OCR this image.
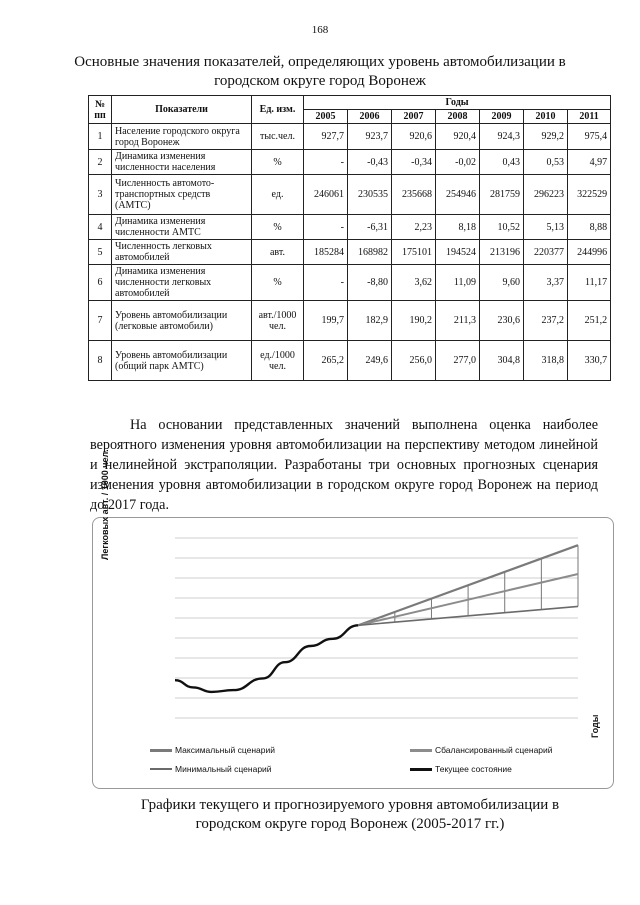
168
Основные значения показателей, определяющих уровень автомобилизации в городском округе город Воронеж
№ пп	Показатели	Ед. изм.	Годы						
			2005	2006	2007	2008	2009	2010	2011
1	Население городского округа город Воронеж	тыс.чел.	927,7	923,7	920,6	920,4	924,3	929,2	975,4
2	Динамика изменения численности населения	%	-	-0,43	-0,34	-0,02	0,43	0,53	4,97
3	Численность автомото-транспортных средств (АМТС)	ед.	246061	230535	235668	254946	281759	296223	322529
4	Динамика изменения численности АМТС	%	-	-6,31	2,23	8,18	10,52	5,13	8,88
5	Численность легковых автомобилей	авт.	185284	168982	175101	194524	213196	220377	244996
6	Динамика изменения численности легковых автомобилей	%	-	-8,80	3,62	11,09	9,60	3,37	11,17
7	Уровень автомобилизации (легковые автомобили)	авт./1000 чел.	199,7	182,9	190,2	211,3	230,6	237,2	251,2
8	Уровень автомобилизации (общий парк АМТС)	ед./1000 чел.	265,2	249,6	256,0	277,0	304,8	318,8	330,7
На основании представленных значений выполнена оценка наиболее вероятного изменения уровня автомобилизации на перспективу методом линейной и нелинейной экстраполяции. Разработаны три основных прогнозных сценария изменения уровня автомобилизации в городском округе город Воронеж на период до 2017 года.
Легковых авт. / 1000 чел.
Годы
Максимальный сценарий	Сбалансированный сценарий
Минимальный сценарий	Текущее состояние
Графики текущего и прогнозируемого уровня автомобилизации в городском округе город Воронеж (2005-2017 гг.)
